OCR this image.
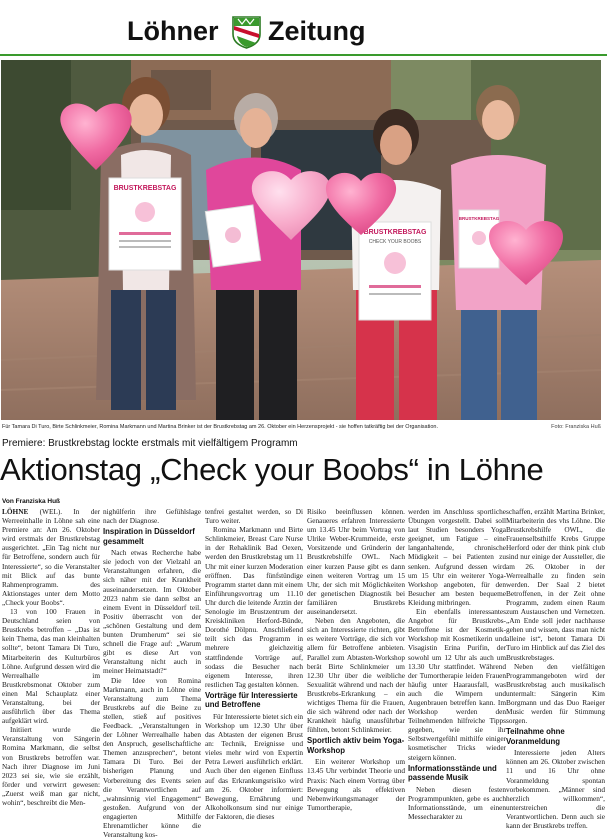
Löhner Zeitung
BRUSTKREBSTAG
BRUSTKREBSTAG
CHECK YOUR BOOBS
BRUSTKREBSTAG
Für Tamara Di Turo, Birte Schlinkmeier, Romina Markmann und Martina Brinker ist der Brustkrebstag am 26. Oktober ein Herzensprojekt - sie hoffen tatkräftig bei der Organisation.	Foto: Franziska Huß
Premiere: Brustkrebstag lockte erstmals mit vielfältigem Programm
Aktionstag „Check your Boobs“ in Löhne
Von Franziska Huß

LÖHNE (WEL). In der Werreeinhalle in Löhne sah eine Premiere an: Am 26. Oktober wird erstmals der Brustkrebstag ausgerichtet. „Ein Tag nicht nur für Betroffene, sondern auch für Interessierte“, so die Veranstalter mit Blick auf das bunte Rahmenprogramm. des Aktionstages unter dem Motto „Check your Boobs“.

13 von 100 Frauen in Deutschland seien von Brustkrebs betroffen – „Das ist kein Thema, das man kleinhalten sollte“, betont Tamara Di Turo, Mitarbeiterin des Kulturbüros Löhne. Aufgrund dessen wird die Werrealhalle im Brustkrebsmonat Oktober zum einen Mal Schauplatz einer Veranstaltung, bei der ausführlich über das Thema aufgeklärt wird.

Initiiert wurde die Veranstaltung von Sängerin Romina Markmann, die selbst von Brustkrebs betroffen war. Nach ihrer Diagnose im Juni 2023 sei sie, wie sie erzählt, förder und verwirrt gewesen: „Zuerst weiß man gar nicht, wohin“, beschreibt die Men-

nighülferin ihre Gefühlslage nach der Diagnose.

Inspiration in Düsseldorf gesammelt

Nach etwas Recherche habe sie jedoch von der Vielzahl an Veranstaltungen erfahren, die sich näher mit der Krankheit auseinandersetzen. Im Oktober 2023 nahm sie dann selbst an einem Event in Düsseldorf teil. Positiv überrascht von der „schönen Gestaltung und dem bunten Drumherum“ sei sie schnell die Frage auf: „Warum gibt es diese Art von Veranstaltung nicht auch in meiner Heimatstadt?“

Die Idee von Romina Markmann, auch in Löhne eine Veranstaltung zum Thema Brustkrebs auf die Beine zu stellen, stieß auf positives Feedback. „Veranstaltungen in der Löhner Werrealhalle haben den Anspruch, gesellschaftliche Themen anzusprechen“, betont Tamara Di Turo. Bei der bisherigen Planung und Vorbereitung des Events seien die Verantwortlichen auf „wahnsinnig viel Engagement“ gestoßen. Aufgrund von der engagierten Mithilfe Ehrenamtlicher könne die Veranstaltung kos-

tenfrei gestaltet werden, so Di Turo weiter.

Romina Markmann und Birte Schlinkmeier, Breast Care Nurse in der Rehaklinik Bad Oexen, werden den Brustkrebstag um 11 Uhr mit einer kurzen Moderation eröffnen. Das fünfstündige Programm startet dann mit einem Einführungsvortrag um 11.10 Uhr durch die leitende Ärztin der Senologie im Brustzentrum der Kreiskliniken Herford-Bünde, Dorothé Dölpnu. Anschließend teilt sich das Programm in mehrere gleichzeitig stattfindende Vorträge auf, sodass die Besucher nach eigenem Interesse, ihren restlichen Tag gestalten können.

Vorträge für Interessierte und Betroffene

Für Interessierte bietet sich ein Workshop um 12.30 Uhr über das Abtasten der eigenen Brust an: Technik, Ereignisse und vieles mehr wird von Expertin Petra Leweri ausführlich erklärt. Auch über den eigenen Einfluss auf das Erkrankungsrisiko wird am 26. Oktober informiert: Bewegung, Ernährung und Alkoholkonsum sind nur einige der Faktoren, die dieses

Risiko beeinflussen können. Genaueres erfahren Interessierte um 13.45 Uhr beim Vortrag von Ulrike Weber-Krummeide, erste Vorsitzende und Gründerin der Brustkrebshilfe OWL. Nach einer kurzen Pause gibt es dann einen weiteren Vortrag um 15 Uhr, der sich mit Möglichkeiten der genetischen Diagnostik bei familiären Brustkrebs auseinandersetzt.

Neben den Angeboten, die sich an Interessierte richten, gibt es weitere Vorträge, die sich vor allem für Betroffene anbieten. Parallel zum Abtasten-Workshop berät Birte Schlinkmeier um 12.30 Uhr über die weibliche Sexualität während und nach der Brustkrebs-Erkrankung – ein wichtiges Thema für die Frauen, die sich während oder nach der Krankheit häufig unausführbar fühlten, betont Schlinkmeier.

Sportlich aktiv beim Yoga-Workshop

Ein weiterer Workshop um 13.45 Uhr verbindet Theorie und Praxis: Nach einem Vortrag über Bewegung als effektiven Nebenwirkungsmanager der Tumortherapie,

werden im Anschluss sportliche Übungen vorgestellt. Dabei soll laut Studien besonders Yoga geeignet, um Fatigue – eine langanhaltende, chronische Müdigkeit – bei Patienten zu senken. Aufgrund dessen wird um 15 Uhr ein weiterer Yoga-Workshop angeboten, für den Besucher am besten bequeme Kleidung mitbringen.

Ein ebenfalls interessantes Angebot für Brustkrebs-Betroffene ist der Kosmetik-Workshop mit Kosmetikerin und Visagistin Erina Purifin, der sowohl um 12 Uhr als auch um 13.30 Uhr stattfindet. Während der Tumortherapie leiden Frauen häufig unter Haarausfall, was auch die Wimpern und Augenbrauen betreffen kann. Im Workshop werden den Teilnehmenden hilfreiche Tipps gegeben, wie sie ihr Selbstwertgefühl mithilfe einiger kosmetischer Tricks wieder steigern können.

Informationsstände und passende Musik

Neben diesen festen Programmpunkten, gebe es auch Informationsstände, um einen Messecharakter zu

schaffen, erzählt Martina Brinker, Mitarbeiterin des vhs Löhne. Die Brustkrebshilfe OWL, die Frauenselbsthilfe Krebs Gruppe Herford oder der think pink club sind nur einige der Aussteller, die am 26. Oktober in der Werrealhalle zu finden sein werden. Der Saal 2 bietet Betroffenen, in der Zeit ohne Programm, zudem einen Raum zum Austauschen und Vernetzen. „Am Ende soll jeder nachhause gehen und wissen, dass man nicht alleine ist“, betont Tamara Di Turo im Hinblick auf das Ziel des Brustkrebstages.

Neben den vielfältigen Programmangeboten wird der Brustkrebstag auch musikalisch untermalt: Sängerin Kim Borgmann und das Duo Raeiger Music werden für Stimmung sorgen.

Teilnahme ohne Voranmeldung

Interessierte jeden Alters können am 26. Oktober zwischen 11 und 16 Uhr ohne Voranmeldung spontan vorbekommen. „Männer sind herzlich willkommen“, unterstreichen die Verantwortlichen. Denn auch sie kann der Brustkrebs treffen.
